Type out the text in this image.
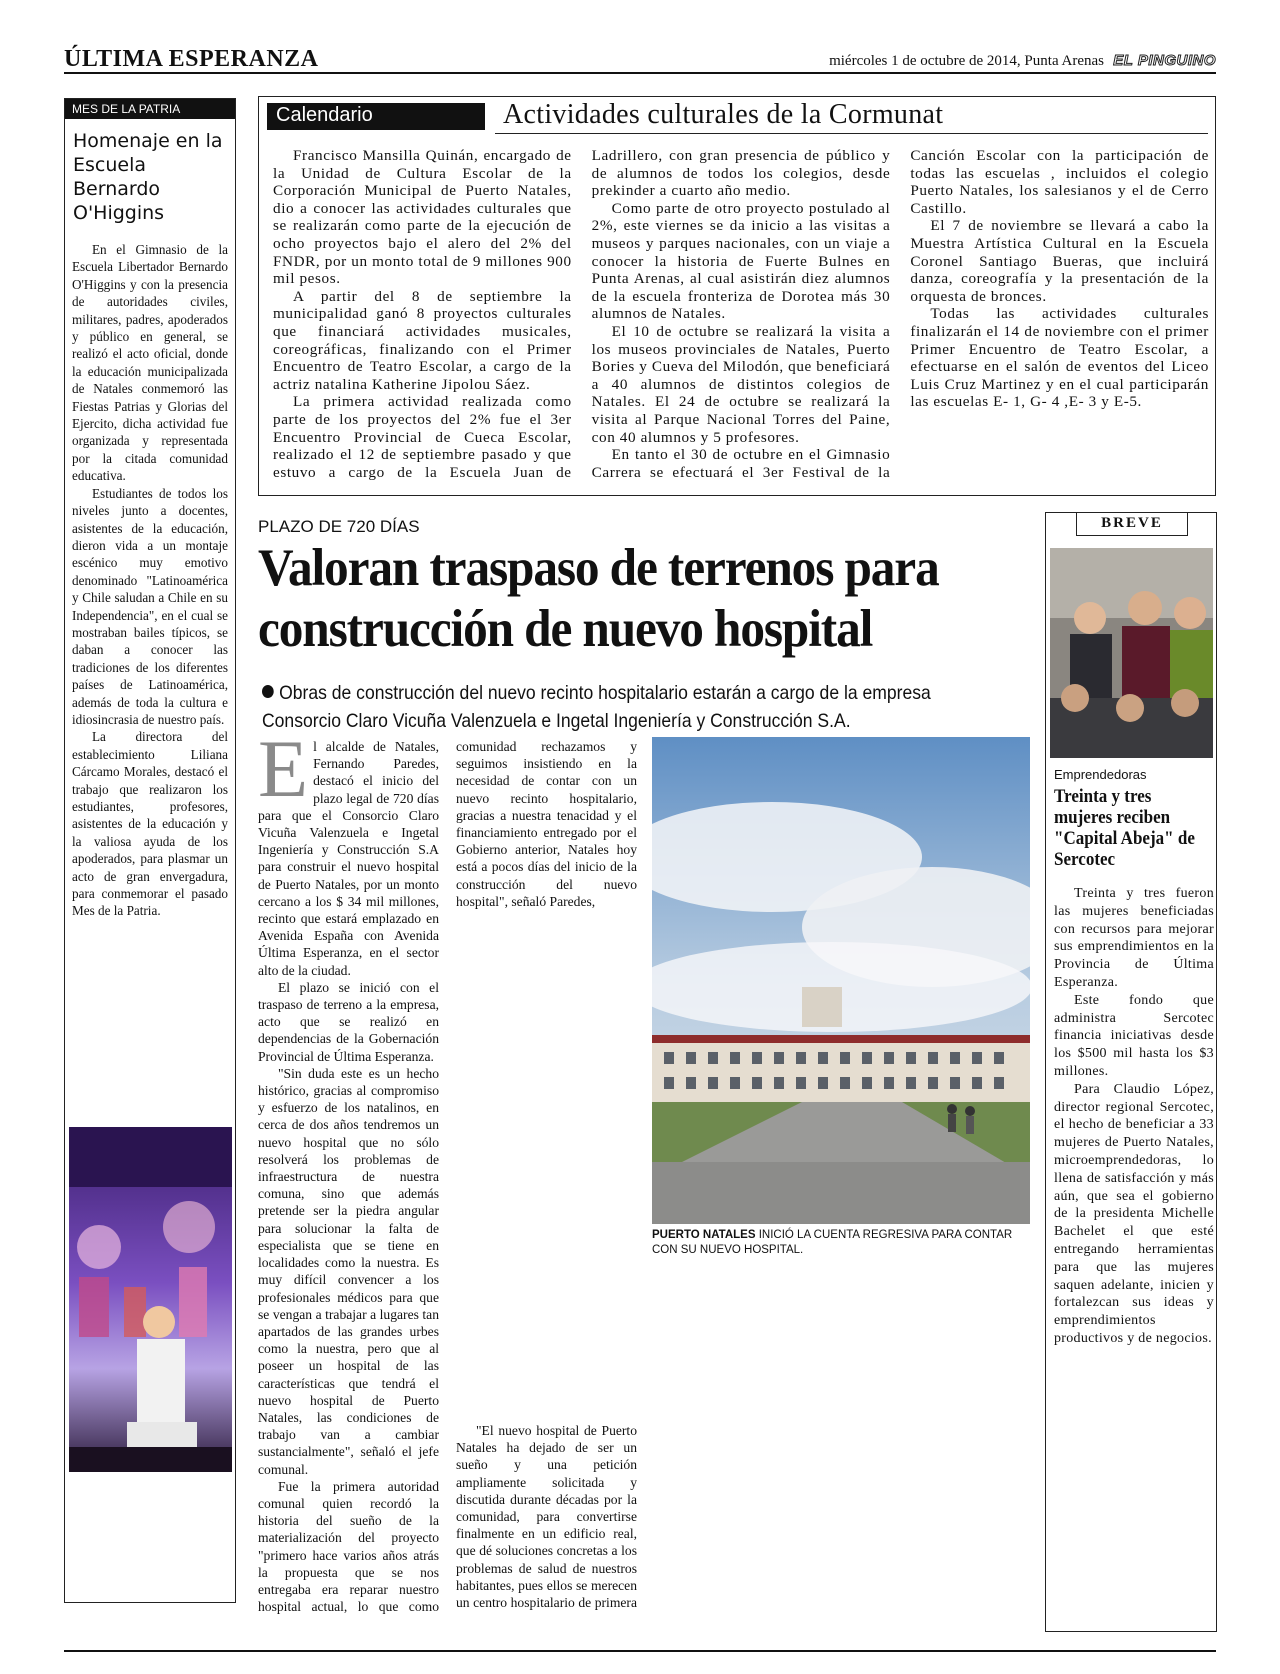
ÚLTIMA ESPERANZA	miércoles 1 de octubre de 2014, Punta Arenas EL PINGUINO
MES DE LA PATRIA
Homenaje en la Escuela Bernardo O'Higgins

En el Gimnasio de la Escuela Libertador Bernardo O'Higgins y con la presencia de autoridades civiles, militares, padres, apoderados y público en general, se realizó el acto oficial, donde la educación municipalizada de Natales conmemoró las Fiestas Patrias y Glorias del Ejercito, dicha actividad fue organizada y representada por la citada comunidad educativa.

Estudiantes de todos los niveles junto a docentes, asistentes de la educación, dieron vida a un montaje escénico muy emotivo denominado "Latinoamérica y Chile saludan a Chile en su Independencia", en el cual se mostraban bailes típicos, se daban a conocer las tradiciones de los diferentes países de Latinoamérica, además de toda la cultura e idiosincrasia de nuestro país.

La directora del establecimiento Liliana Cárcamo Morales, destacó el trabajo que realizaron los estudiantes, profesores, asistentes de la educación y la valiosa ayuda de los apoderados, para plasmar un acto de gran envergadura, para conmemorar el pasado Mes de la Patria.

Calendario	Actividades culturales de la Cormunat

Francisco Mansilla Quinán, encargado de la Unidad de Cultura Escolar de la Corporación Municipal de Puerto Natales, dio a conocer las actividades culturales que se realizarán como parte de la ejecución de ocho proyectos bajo el alero del 2% del FNDR, por un monto total de 9 millones 900 mil pesos.

A partir del 8 de septiembre la municipalidad ganó 8 proyectos culturales que financiará actividades musicales, coreográficas, finalizando con el Primer Encuentro de Teatro Escolar, a cargo de la actriz natalina Katherine Jipolou Sáez.

La primera actividad realizada como parte de los proyectos del 2% fue el 3er Encuentro Provincial de Cueca Escolar, realizado el 12 de septiembre pasado y que estuvo a cargo de la Escuela Juan de Ladrillero, con gran presencia de público y de alumnos de todos los colegios, desde prekinder a cuarto año medio.

Como parte de otro proyecto postulado al 2%, este viernes se da inicio a las visitas a museos y parques nacionales, con un viaje a conocer la historia de Fuerte Bulnes en Punta Arenas, al cual asistirán diez alumnos de la escuela fronteriza de Dorotea más 30 alumnos de Natales.

El 10 de octubre se realizará la visita a los museos provinciales de Natales, Puerto Bories y Cueva del Milodón, que beneficiará a 40 alumnos de distintos colegios de Natales. El 24 de octubre se realizará la visita al Parque Nacional Torres del Paine, con 40 alumnos y 5 profesores.

En tanto el 30 de octubre en el Gimnasio Carrera se efectuará el 3er Festival de la Canción Escolar con la participación de todas las escuelas , incluidos el colegio Puerto Natales, los salesianos y el de Cerro Castillo.

El 7 de noviembre se llevará a cabo la Muestra Artística Cultural en la Escuela Coronel Santiago Bueras, que incluirá danza, coreografía y la presentación de la orquesta de bronces.

Todas las actividades culturales finalizarán el 14 de noviembre con el primer Primer Encuentro de Teatro Escolar, a efectuarse en el salón de eventos del Liceo Luis Cruz Martinez y en el cual participarán las escuelas E- 1, G- 4 ,E- 3 y E-5.

PLAZO DE 720 DÍAS
Valoran traspaso de terrenos para construcción de nuevo hospital
Obras de construcción del nuevo recinto hospitalario estarán a cargo de la empresa Consorcio Claro Vicuña Valenzuela e Ingetal Ingeniería y Construcción S.A.

El alcalde de Natales, Fernando Paredes, destacó el inicio del plazo legal de 720 días para que el Consorcio Claro Vicuña Valenzuela e Ingetal Ingeniería y Construcción S.A para construir el nuevo hospital de Puerto Natales, por un monto cercano a los $ 34 mil millones, recinto que estará emplazado en Avenida España con Avenida Última Esperanza, en el sector alto de la ciudad.

El plazo se inició con el traspaso de terreno a la empresa, acto que se realizó en dependencias de la Gobernación Provincial de Última Esperanza.

"Sin duda este es un hecho histórico, gracias al compromiso y esfuerzo de los natalinos, en cerca de dos años tendremos un nuevo hospital que no sólo resolverá los problemas de infraestructura de nuestra comuna, sino que además pretende ser la piedra angular para solucionar la falta de especialista que se tiene en localidades como la nuestra. Es muy difícil convencer a los profesionales médicos para que se vengan a trabajar a lugares tan apartados de las grandes urbes como la nuestra, pero que al poseer un hospital de las características que tendrá el nuevo hospital de Puerto Natales, las condiciones de trabajo van a cambiar sustancialmente", señaló el jefe comunal.

Fue la primera autoridad comunal quien recordó la historia del sueño de la materialización del proyecto "primero hace varios años atrás la propuesta que se nos entregaba era reparar nuestro hospital actual, lo que como comunidad rechazamos y seguimos insistiendo en la necesidad de contar con un nuevo recinto hospitalario, gracias a nuestra tenacidad y el financiamiento entregado por el Gobierno anterior, Natales hoy está a pocos días del inicio de la construcción del nuevo hospital", señaló Paredes,

"El nuevo hospital de Puerto Natales ha dejado de ser un sueño y una petición ampliamente solicitada y discutida durante décadas por la comunidad, para convertirse finalmente en un edificio real, que dé soluciones concretas a los problemas de salud de nuestros habitantes, pues ellos se merecen un centro hospitalario de primera

PUERTO NATALES INICIÓ LA CUENTA REGRESIVA PARA CONTAR CON SU NUEVO HOSPITAL.
BREVE
Emprendedoras
Treinta y tres mujeres reciben "Capital Abeja" de Sercotec

Treinta y tres fueron las mujeres beneficiadas con recursos para mejorar sus emprendimientos en la Provincia de Última Esperanza.

Este fondo que administra Sercotec financia iniciativas desde los $500 mil hasta los $3 millones.

Para Claudio López, director regional Sercotec, el hecho de beneficiar a 33 mujeres de Puerto Natales, microemprendedoras, lo llena de satisfacción y más aún, que sea el gobierno de la presidenta Michelle Bachelet el que esté entregando herramientas para que las mujeres saquen adelante, inicien y fortalezcan sus ideas y emprendimientos productivos y de negocios.
